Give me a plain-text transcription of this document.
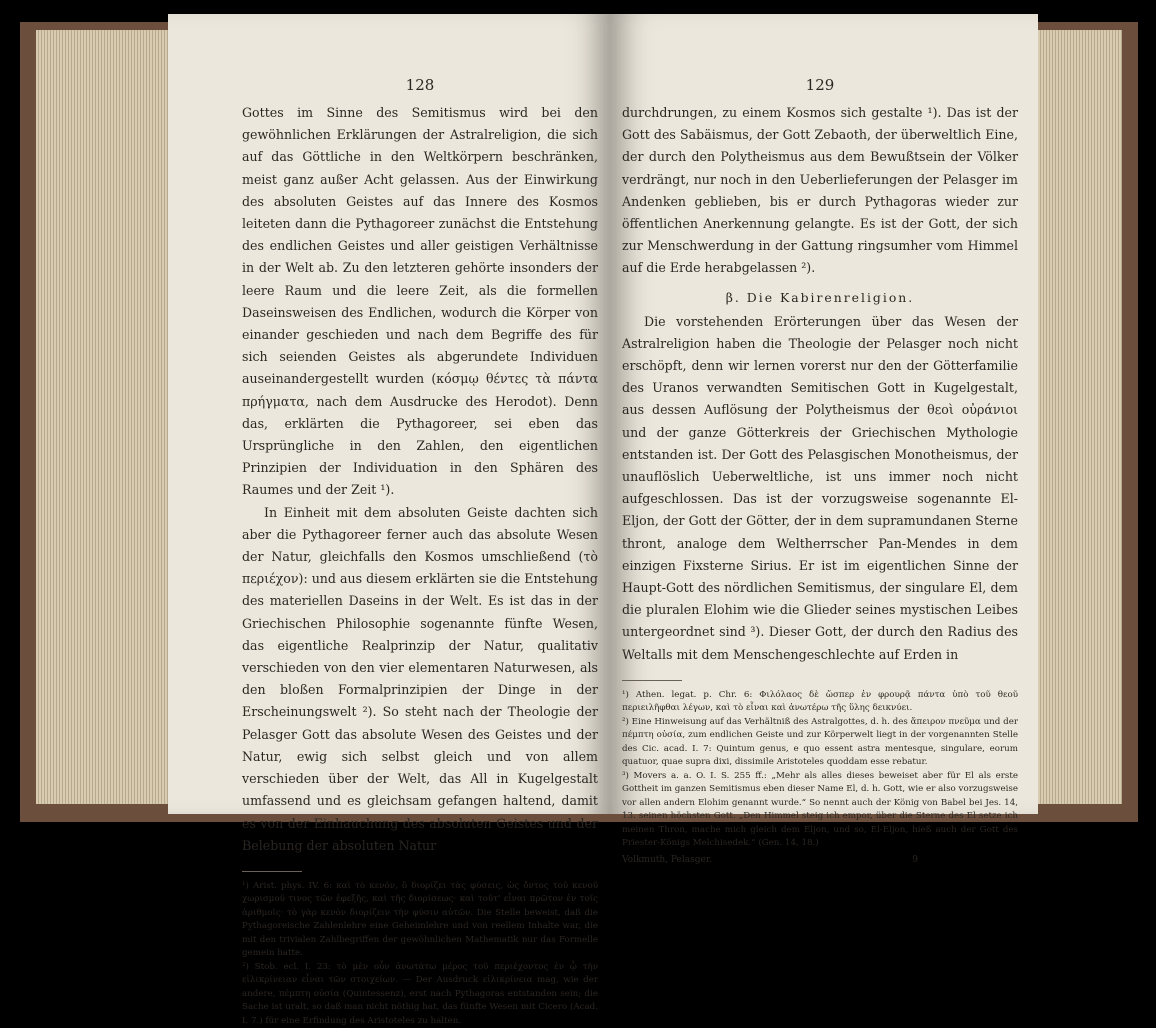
128

Gottes im Sinne des Semitismus wird bei den gewöhnlichen Erklärungen der Astralreligion, die sich auf das Göttliche in den Weltkörpern beschränken, meist ganz außer Acht gelassen. Aus der Einwirkung des absoluten Geistes auf das Innere des Kosmos leiteten dann die Pythagoreer zunächst die Entstehung des endlichen Geistes und aller geistigen Verhältnisse in der Welt ab. Zu den letzteren gehörte insonders der leere Raum und die leere Zeit, als die formellen Daseinsweisen des Endlichen, wodurch die Körper von einander geschieden und nach dem Begriffe des für sich seienden Geistes als abgerundete Individuen auseinandergestellt wurden (κόσμῳ θέντες τὰ πάντα πρήγματα, nach dem Ausdrucke des Herodot). Denn das, erklärten die Pythagoreer, sei eben das Ursprüngliche in den Zahlen, den eigentlichen Prinzipien der Individuation in den Sphären des Raumes und der Zeit ¹).

In Einheit mit dem absoluten Geiste dachten sich aber die Pythagoreer ferner auch das absolute Wesen der Natur, gleichfalls den Kosmos umschließend (τὸ περιέχον): und aus diesem erklärten sie die Entstehung des materiellen Daseins in der Welt. Es ist das in der Griechischen Philosophie sogenannte fünfte Wesen, das eigentliche Realprinzip der Natur, qualitativ verschieden von den vier elementaren Naturwesen, als den bloßen Formalprinzipien der Dinge in der Erscheinungswelt ²). So steht nach der Theologie der Pelasger Gott das absolute Wesen des Geistes und der Natur, ewig sich selbst gleich und von allem verschieden über der Welt, das All in Kugelgestalt umfassend und es gleichsam gefangen haltend, damit es von der Einhauchung des absoluten Geistes und der Belebung der absoluten Natur

¹) Arist. phys. IV. 6: καὶ τὸ κενόν, ὃ διορίζει τὰς φύσεις, ὡς ὄντος τοῦ κενοῦ χωρισμοῦ τινος τῶν ἐφεξῆς, καὶ τῆς διορίσεως· καὶ τοῦτ' εἶναι πρῶτον ἐν τοῖς ἀριθμοῖς· τὸ γὰρ κενὸν διορίζειν τὴν φύσιν αὐτῶν. Die Stelle beweist, daß die Pythagoreische Zahlenlehre eine Geheimlehre und von reellem Inhalte war, die mit den trivialen Zahlbegriffen der gewöhnlichen Mathematik nur das Formelle gemein hatte.

²) Stob. ecl. I. 23: τὸ μὲν οὖν ἀνωτάτω μέρος τοῦ περιέχοντος ἐν ᾧ τὴν εἰλικρίνειαν εἶναι τῶν στοιχείων. — Der Ausdruck εἰλικρίνεια mag, wie der andere, πέμπτη οὐσία (Quintessenz), erst nach Pythagoras entstanden sein; die Sache ist uralt, so daß man nicht nöthig hat, das fünfte Wesen mit Cicero (Acad. I. 7.) für eine Erfindung des Aristoteles zu halten.

129

durchdrungen, zu einem Kosmos sich gestalte ¹). Das ist der Gott des Sabäismus, der Gott Zebaoth, der überweltlich Eine, der durch den Polytheismus aus dem Bewußtsein der Völker verdrängt, nur noch in den Ueberlieferungen der Pelasger im Andenken geblieben, bis er durch Pythagoras wieder zur öffentlichen Anerkennung gelangte. Es ist der Gott, der sich zur Menschwerdung in der Gattung ringsumher vom Himmel auf die Erde herabgelassen ²).

β. Die Kabirenreligion.

Die vorstehenden Erörterungen über das Wesen der Astralreligion haben die Theologie der Pelasger noch nicht erschöpft, denn wir lernen vorerst nur den der Götterfamilie des Uranos verwandten Semitischen Gott in Kugelgestalt, aus dessen Auflösung der Polytheismus der θεοὶ οὐράνιοι und der ganze Götterkreis der Griechischen Mythologie entstanden ist. Der Gott des Pelasgischen Monotheismus, der unauflöslich Ueberweltliche, ist uns immer noch nicht aufgeschlossen. Das ist der vorzugsweise sogenannte El-Eljon, der Gott der Götter, der in dem supramundanen Sterne thront, analoge dem Weltherrscher Pan-Mendes in dem einzigen Fixsterne Sirius. Er ist im eigentlichen Sinne der Haupt-Gott des nördlichen Semitismus, der singulare El, dem die pluralen Elohim wie die Glieder seines mystischen Leibes untergeordnet sind ³). Dieser Gott, der durch den Radius des Weltalls mit dem Menschengeschlechte auf Erden in

¹) Athen. legat. p. Chr. 6: Φιλόλαος δὲ ὥσπερ ἐν φρουρᾷ πάντα ὑπὸ τοῦ θεοῦ περιειλῆφθαι λέγων, καὶ τὸ εἶναι καὶ ἀνωτέρω τῆς ὕλης δεικνύει.

²) Eine Hinweisung auf das Verhältniß des Astralgottes, d. h. des ἄπειρον πνεῦμα und der πέμπτη οὐσία, zum endlichen Geiste und zur Körperwelt liegt in der vorgenannten Stelle des Cic. acad. I. 7: Quintum genus, e quo essent astra mentesque, singulare, eorum quatuor, quae supra dixi, dissimile Aristoteles quoddam esse rebatur.

³) Movers a. a. O. I. S. 255 ff.: „Mehr als alles dieses beweiset aber für El als erste Gottheit im ganzen Semitismus eben dieser Name El, d. h. Gott, wie er also vorzugsweise vor allen andern Elohim genannt wurde.“ So nennt auch der König von Babel bei Jes. 14, 13. seinen höchsten Gott. „Den Himmel steig ich empor, über die Sterne des El setze ich meinen Thron, mache mich gleich dem Eljon, und so, El-Eljon, hieß auch der Gott des Priester-Königs Melchisedek.“ (Gen. 14, 18.)

Volkmuth, Pelasger.	9
